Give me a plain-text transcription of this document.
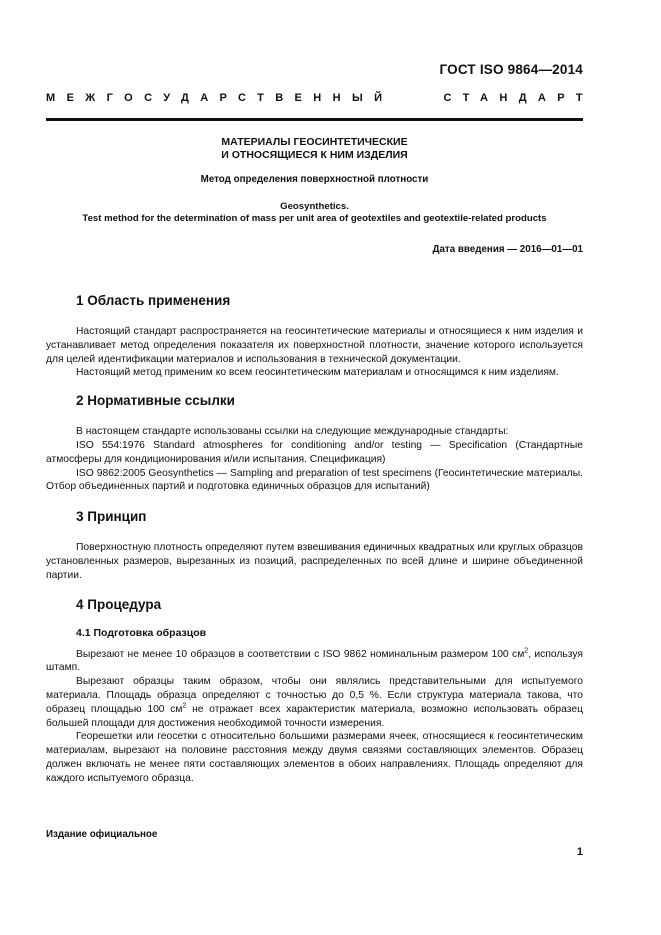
ГОСТ ISO 9864—2014
МЕЖГОСУДАРСТВЕННЫЙ	СТАНДАРТ
МАТЕРИАЛЫ ГЕОСИНТЕТИЧЕСКИЕ
И ОТНОСЯЩИЕСЯ К НИМ ИЗДЕЛИЯ
Метод определения поверхностной плотности
Geosynthetics.
Test method for the determination of mass per unit area of geotextiles and geotextile-related products
Дата введения — 2016—01—01
1 Область применения

Настоящий стандарт распространяется на геосинтетические материалы и относящиеся к ним изделия и устанавливает метод определения показателя их поверхностной плотности, значение которого используется для целей идентификации материалов и использования в технической документации.

Настоящий метод применим ко всем геосинтетическим материалам и относящимся к ним изделиям.

2 Нормативные ссылки

В настоящем стандарте использованы ссылки на следующие международные стандарты:

ISO 554:1976 Standard atmospheres for conditioning and/or testing — Specification (Стандартные атмосферы для кондиционирования и/или испытания. Спецификация)

ISO 9862:2005 Geosynthetics — Sampling and preparation of test specimens (Геосинтетические материалы. Отбор объединенных партий и подготовка единичных образцов для испытаний)

3 Принцип

Поверхностную плотность определяют путем взвешивания единичных квадратных или круглых образцов установленных размеров, вырезанных из позиций, распределенных по всей длине и ширине объединенной партии.

4 Процедура
4.1 Подготовка образцов

Вырезают не менее 10 образцов в соответствии с ISO 9862 номинальным размером 100 $см^2$, используя штамп.

Вырезают образцы таким образом, чтобы они являлись представительными для испытуемого материала. Площадь образца определяют с точностью до 0,5 %. Если структура материала такова, что образец площадью 100 $см^2$ не отражает всех характеристик материала, возможно использовать образец большей площади для достижения необходимой точности измерения.

Георешетки или геосетки с относительно большими размерами ячеек, относящиеся к геосинтетическим материалам, вырезают на половине расстояния между двумя связями составляющих элементов. Образец должен включать не менее пяти составляющих элементов в обоих направлениях. Площадь определяют для каждого испытуемого образца.

Издание официальное
1
